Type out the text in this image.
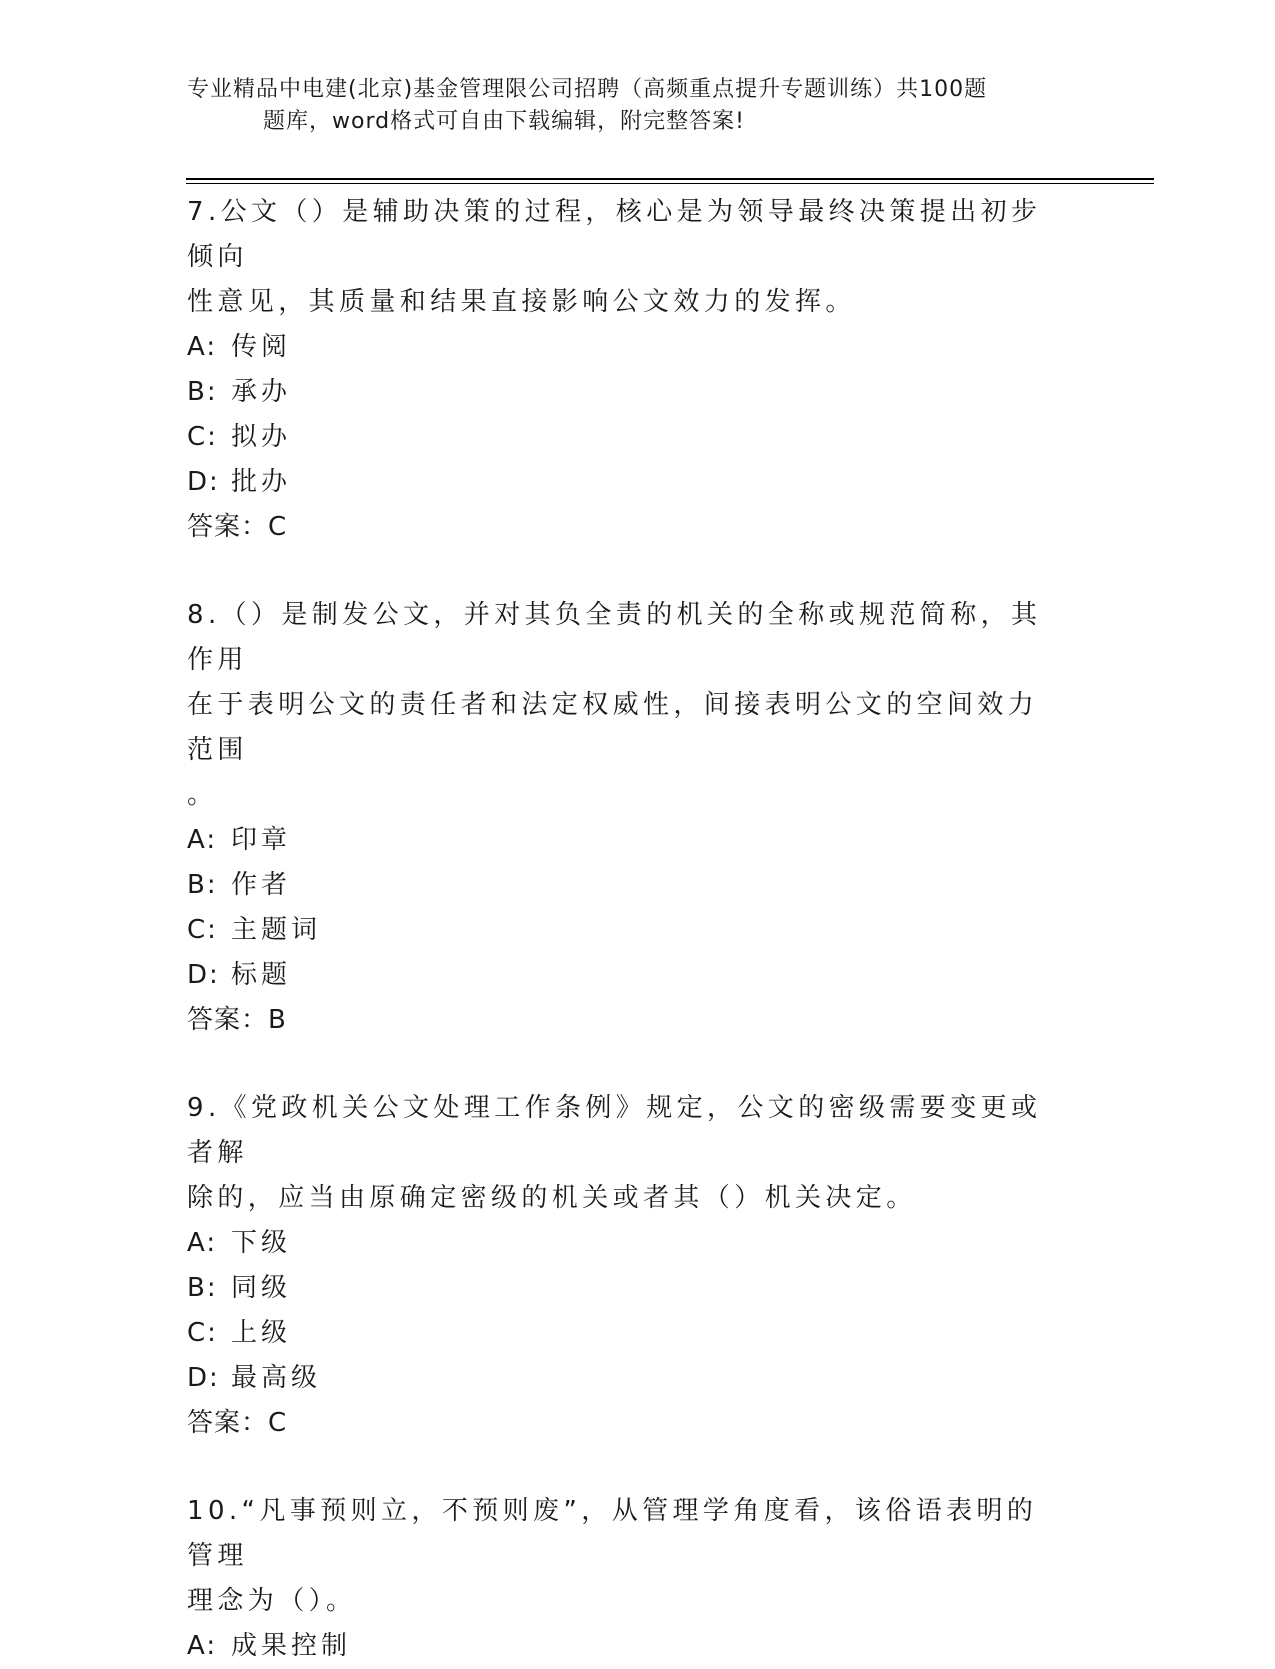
专业精品中电建(北京)基金管理限公司招聘（高频重点提升专题训练）共100题
题库，word格式可自由下载编辑，附完整答案!

7.公文（）是辅助决策的过程，核心是为领导最终决策提出初步倾向

性意见，其质量和结果直接影响公文效力的发挥。

A: 传阅
B: 承办
C: 拟办
D: 批办

答案：C

8.（）是制发公文，并对其负全责的机关的全称或规范简称，其作用

在于表明公文的责任者和法定权威性，间接表明公文的空间效力范围

。

A: 印章
B: 作者
C: 主题词
D: 标题

答案：B

9.《党政机关公文处理工作条例》规定，公文的密级需要变更或者解

除的，应当由原确定密级的机关或者其（）机关决定。

A: 下级
B: 同级
C: 上级
D: 最高级

答案：C

10.“凡事预则立，不预则废”，从管理学角度看，该俗语表明的管理

理念为（）。

A: 成果控制
